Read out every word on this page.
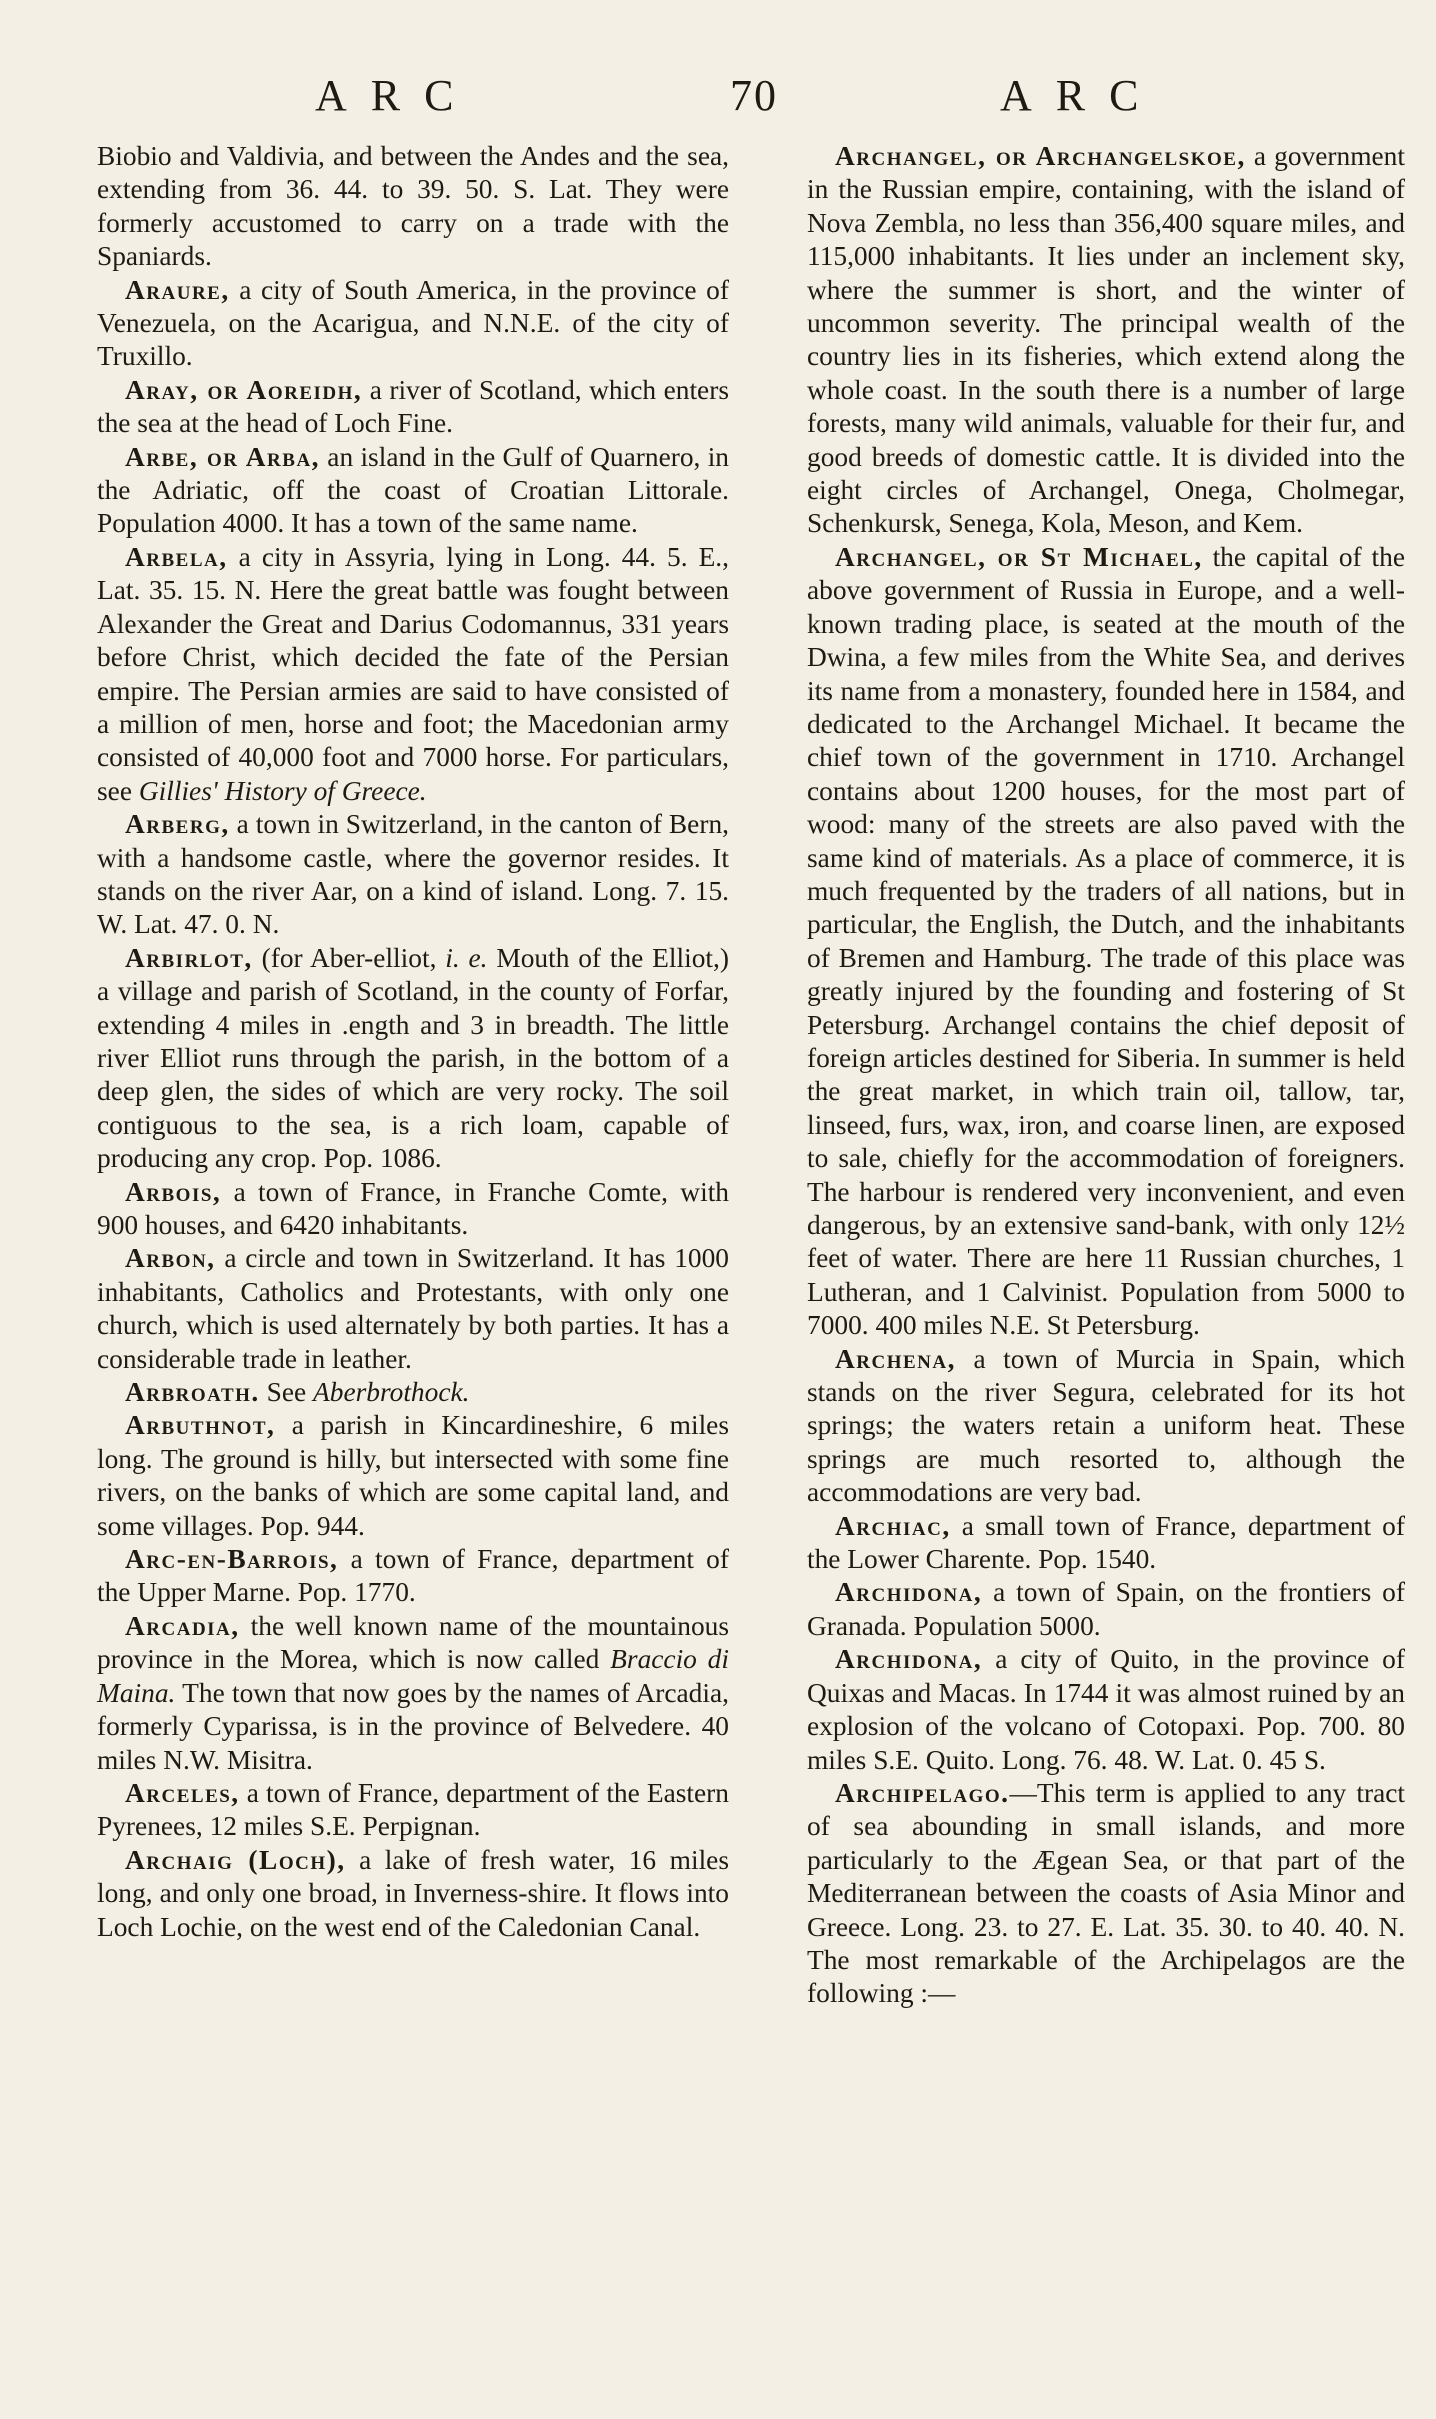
ARC	70	ARC

Biobio and Valdivia, and between the Andes and the sea, extending from 36. 44. to 39. 50. S. Lat. They were formerly accustomed to carry on a trade with the Spaniards.

Araure, a city of South America, in the province of Venezuela, on the Acarigua, and N.N.E. of the city of Truxillo.

Aray, or Aoreidh, a river of Scotland, which enters the sea at the head of Loch Fine.

Arbe, or Arba, an island in the Gulf of Quarnero, in the Adriatic, off the coast of Croatian Littorale. Population 4000. It has a town of the same name.

Arbela, a city in Assyria, lying in Long. 44. 5. E., Lat. 35. 15. N. Here the great battle was fought between Alexander the Great and Darius Codomannus, 331 years before Christ, which decided the fate of the Persian empire. The Persian armies are said to have consisted of a million of men, horse and foot; the Macedonian army consisted of 40,000 foot and 7000 horse. For particulars, see Gillies' History of Greece.

Arberg, a town in Switzerland, in the canton of Bern, with a handsome castle, where the governor resides. It stands on the river Aar, on a kind of island. Long. 7. 15. W. Lat. 47. 0. N.

Arbirlot, (for Aber-elliot, i. e. Mouth of the Elliot,) a village and parish of Scotland, in the county of Forfar, extending 4 miles in .ength and 3 in breadth. The little river Elliot runs through the parish, in the bottom of a deep glen, the sides of which are very rocky. The soil contiguous to the sea, is a rich loam, capable of producing any crop. Pop. 1086.

Arbois, a town of France, in Franche Comte, with 900 houses, and 6420 inhabitants.

Arbon, a circle and town in Switzerland. It has 1000 inhabitants, Catholics and Protestants, with only one church, which is used alternately by both parties. It has a considerable trade in leather.

Arbroath. See Aberbrothock.

Arbuthnot, a parish in Kincardineshire, 6 miles long. The ground is hilly, but intersected with some fine rivers, on the banks of which are some capital land, and some villages. Pop. 944.

Arc-en-Barrois, a town of France, department of the Upper Marne. Pop. 1770.

Arcadia, the well known name of the mountainous province in the Morea, which is now called Braccio di Maina. The town that now goes by the names of Arcadia, formerly Cyparissa, is in the province of Belvedere. 40 miles N.W. Misitra.

Arceles, a town of France, department of the Eastern Pyrenees, 12 miles S.E. Perpignan.

Archaig (Loch), a lake of fresh water, 16 miles long, and only one broad, in Inverness-shire. It flows into Loch Lochie, on the west end of the Caledonian Canal.

Archangel, or Archangelskoe, a government in the Russian empire, containing, with the island of Nova Zembla, no less than 356,400 square miles, and 115,000 inhabitants. It lies under an inclement sky, where the summer is short, and the winter of uncommon severity. The principal wealth of the country lies in its fisheries, which extend along the whole coast. In the south there is a number of large forests, many wild animals, valuable for their fur, and good breeds of domestic cattle. It is divided into the eight circles of Archangel, Onega, Cholmegar, Schenkursk, Senega, Kola, Meson, and Kem.

Archangel, or St Michael, the capital of the above government of Russia in Europe, and a well-known trading place, is seated at the mouth of the Dwina, a few miles from the White Sea, and derives its name from a monastery, founded here in 1584, and dedicated to the Archangel Michael. It became the chief town of the government in 1710. Archangel contains about 1200 houses, for the most part of wood: many of the streets are also paved with the same kind of materials. As a place of commerce, it is much frequented by the traders of all nations, but in particular, the English, the Dutch, and the inhabitants of Bremen and Hamburg. The trade of this place was greatly injured by the founding and fostering of St Petersburg. Archangel contains the chief deposit of foreign articles destined for Siberia. In summer is held the great market, in which train oil, tallow, tar, linseed, furs, wax, iron, and coarse linen, are exposed to sale, chiefly for the accommodation of foreigners. The harbour is rendered very inconvenient, and even dangerous, by an extensive sand-bank, with only 12½ feet of water. There are here 11 Russian churches, 1 Lutheran, and 1 Calvinist. Population from 5000 to 7000. 400 miles N.E. St Petersburg.

Archena, a town of Murcia in Spain, which stands on the river Segura, celebrated for its hot springs; the waters retain a uniform heat. These springs are much resorted to, although the accommodations are very bad.

Archiac, a small town of France, department of the Lower Charente. Pop. 1540.

Archidona, a town of Spain, on the frontiers of Granada. Population 5000.

Archidona, a city of Quito, in the province of Quixas and Macas. In 1744 it was almost ruined by an explosion of the volcano of Cotopaxi. Pop. 700. 80 miles S.E. Quito. Long. 76. 48. W. Lat. 0. 45 S.

Archipelago.—This term is applied to any tract of sea abounding in small islands, and more particularly to the Ægean Sea, or that part of the Mediterranean between the coasts of Asia Minor and Greece. Long. 23. to 27. E. Lat. 35. 30. to 40. 40. N. The most remarkable of the Archipelagos are the following :—
